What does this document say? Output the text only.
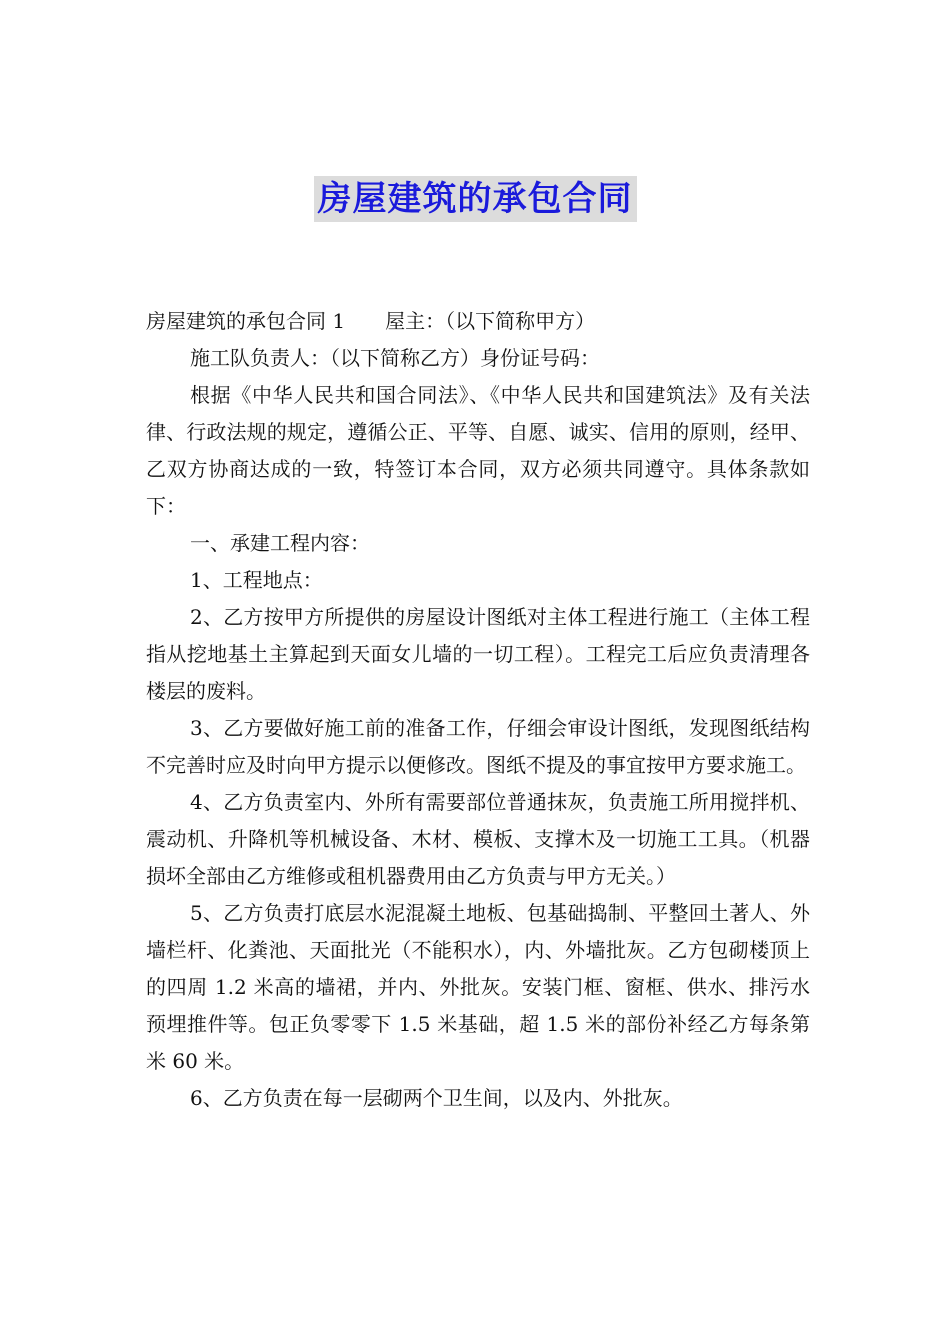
房屋建筑的承包合同

房屋建筑的承包合同 1 屋主：（以下简称甲方）

施工队负责人：（以下简称乙方）身份证号码：

根据《中华人民共和国合同法》、《中华人民共和国建筑法》及有关法律、行政法规的规定，遵循公正、平等、自愿、诚实、信用的原则，经甲、乙双方协商达成的一致，特签订本合同，双方必须共同遵守。具体条款如下：

一、承建工程内容：

1、工程地点：

2、乙方按甲方所提供的房屋设计图纸对主体工程进行施工（主体工程指从挖地基土主算起到天面女儿墙的一切工程）。工程完工后应负责清理各楼层的废料。

3、乙方要做好施工前的准备工作，仔细会审设计图纸，发现图纸结构不完善时应及时向甲方提示以便修改。图纸不提及的事宜按甲方要求施工。

4、乙方负责室内、外所有需要部位普通抹灰，负责施工所用搅拌机、震动机、升降机等机械设备、木材、模板、支撑木及一切施工工具。（机器损坏全部由乙方维修或租机器费用由乙方负责与甲方无关。）

5、乙方负责打底层水泥混凝土地板、包基础捣制、平整回土著人、外墙栏杆、化粪池、天面批光（不能积水），内、外墙批灰。乙方包砌楼顶上的四周 1.2 米高的墙裙，并内、外批灰。安装门框、窗框、供水、排污水预埋推件等。包正负零零下 1.5 米基础，超 1.5 米的部份补经乙方每条第米 60 米。

6、乙方负责在每一层砌两个卫生间，以及内、外批灰。
